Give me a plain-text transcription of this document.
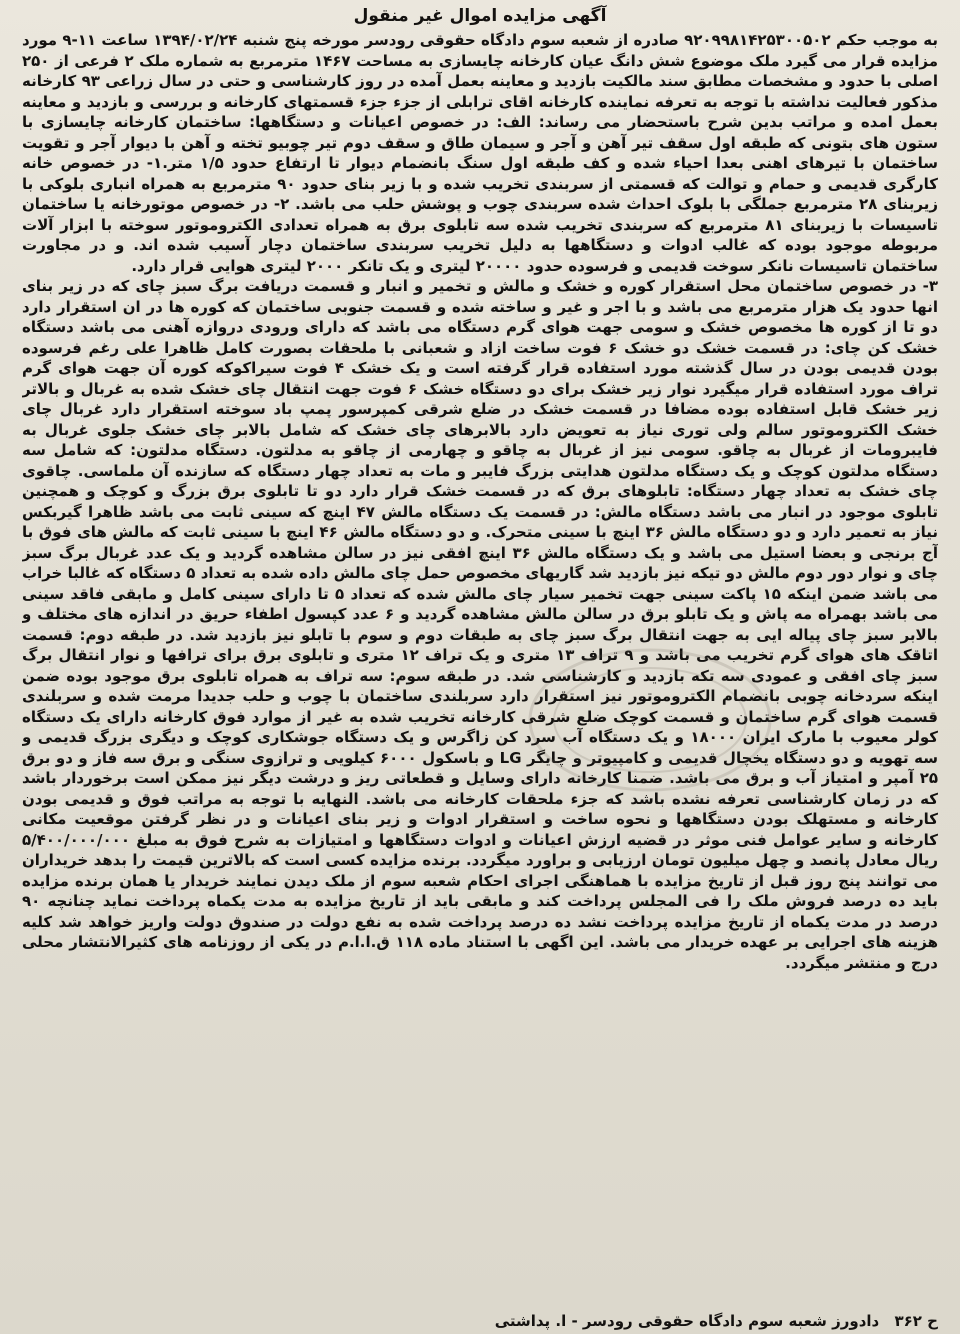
آگهی مزایده اموال غیر منقول

به موجب حکم ۹۲۰۹۹۸۱۴۲۵۳۰۰۵۰۲ صادره از شعبه سوم دادگاه حقوقی رودسر مورخه پنج شنبه ۱۳۹۴/۰۲/۲۴ ساعت ۱۱-۹ مورد مزایده قرار می گیرد ملک موضوع شش دانگ عیان کارخانه چایسازی به مساحت ۱۴۶۷ مترمربع به شماره ملک ۲ فرعی از ۲۵۰ اصلی با حدود و مشخصات مطابق سند مالکیت بازدید و معاینه بعمل آمده در روز کارشناسی و حتی در سال زراعی ۹۳ کارخانه مذکور فعالیت نداشته با توجه به تعرفه نماینده کارخانه اقای ترابلی از جزء جزء قسمتهای کارخانه و بررسی و بازدید و معاینه بعمل امده و مراتب بدین شرح باستحضار می رساند: الف: در خصوص اعیانات و دستگاهها: ساختمان کارخانه چایسازی با ستون های بتونی که طبقه اول سقف تیر آهن و آجر و سیمان طاق و سقف دوم تیر چوبیو تخته و آهن با دیوار آجر و تقویت ساختمان با تیرهای اهنی بعدا احیاء شده و کف طبقه اول سنگ بانضمام دیوار تا ارتفاع حدود ۱/۵ متر.۱- در خصوص خانه کارگری قدیمی و حمام و توالت که قسمتی از سربندی تخریب شده و با زیر بنای حدود ۹۰ مترمربع به همراه انباری بلوکی با زیربنای ۲۸ مترمربع جملگی با بلوک احداث شده سربندی چوب و پوشش حلب می باشد. ۲- در خصوص موتورخانه یا ساختمان تاسیسات با زیربنای ۸۱ مترمربع که سربندی تخریب شده سه تابلوی برق به همراه تعدادی الکتروموتور سوخته با ابزار آلات مربوطه موجود بوده که غالب ادوات و دستگاهها به دلیل تخریب سربندی ساختمان دچار آسیب شده اند. و در مجاورت ساختمان تاسیسات نانکر سوخت قدیمی و فرسوده حدود ۲۰۰۰۰ لیتری و یک تانکر ۲۰۰۰ لیتری هوایی قرار دارد.

۳- در خصوص ساختمان محل استقرار کوره و خشک و مالش و تخمیر و انبار و قسمت دریافت برگ سبز چای که در زیر بنای انها حدود یک هزار مترمربع می باشد و با اجر و غیر و ساخته شده و قسمت جنوبی ساختمان که کوره ها در ان استقرار دارد دو تا از کوره ها مخصوص خشک و سومی جهت هوای گرم دستگاه می باشد که دارای ورودی دروازه آهنی می باشد دستگاه خشک کن چای: در قسمت خشک دو خشک ۶ فوت ساخت ازاد و شعبانی با ملحقات بصورت کامل ظاهرا علی رغم فرسوده بودن قدیمی بودن در سال گذشته مورد استفاده قرار گرفته است و یک خشک ۴ فوت سیراکوکه کوره آن جهت هوای گرم تراف مورد استفاده قرار میگیرد نوار زیر خشک برای دو دستگاه خشک ۶ فوت جهت انتقال چای خشک شده به غربال و بالاتر زیر خشک قابل استفاده بوده مضافا در قسمت خشک در ضلع شرقی کمپرسور پمپ باد سوخته استقرار دارد غربال چای خشک الکتروموتور سالم ولی توری نیاز به تعویض دارد بالابرهای چای خشک که شامل بالابر چای خشک جلوی غربال به فایبرومات از غربال به چاقو. سومی نیز از غربال به چاقو و چهارمی از چاقو به مدلتون. دستگاه مدلتون: که شامل سه دستگاه مدلتون کوچک و یک دستگاه مدلتون هدایتی بزرگ فایبر و مات به تعداد چهار دستگاه که سازنده آن ملماسی. چاقوی چای خشک به تعداد چهار دستگاه: تابلوهای برق که در قسمت خشک قرار دارد دو تا تابلوی برق بزرگ و کوچک و همچنین تابلوی موجود در انبار می باشد دستگاه مالش: در قسمت یک دستگاه مالش ۴۷ اینچ که سینی ثابت می باشد ظاهرا گیربکس نیاز به تعمیر دارد و دو دستگاه مالش ۳۶ اینچ با سینی متحرک. و دو دستگاه مالش ۴۶ اینچ با سینی ثابت که مالش های فوق با آج برنجی و بعضا استیل می باشد و یک دستگاه مالش ۳۶ اینچ افقی نیز در سالن مشاهده گردید و یک عدد غربال برگ سبز چای و نوار دور دوم مالش دو تیکه نیز بازدید شد گاریهای مخصوص حمل چای مالش داده شده به تعداد ۵ دستگاه که غالبا خراب می باشد ضمن اینکه ۱۵ پاکت سینی جهت تخمیر سیار چای مالش شده که تعداد ۵ تا دارای سینی کامل و مابقی فاقد سینی می باشد بهمراه مه پاش و یک تابلو برق در سالن مالش مشاهده گردید و ۶ عدد کپسول اطفاء حریق در اندازه های مختلف و بالابر سبز چای پیاله ایی به جهت انتقال برگ سبز چای به طبقات دوم و سوم با تابلو نیز بازدید شد. در طبقه دوم: قسمت اتاقک های هوای گرم تخریب می باشد و ۹ تراف ۱۳ متری و یک تراف ۱۲ متری و تابلوی برق برای ترافها و نوار انتقال برگ سبز چای افقی و عمودی سه تکه بازدید و کارشناسی شد. در طبقه سوم: سه تراف به همراه تابلوی برق موجود بوده ضمن اینکه سردخانه چوبی بانضمام الکتروموتور نیز استقرار دارد سربلندی ساختمان با چوب و حلب جدیدا مرمت شده و سربلندی قسمت هوای گرم ساختمان و قسمت کوچک ضلع شرقی کارخانه تخریب شده به غیر از موارد فوق کارخانه دارای یک دستگاه کولر معیوب با مارک ایران ۱۸۰۰۰ و یک دستگاه آب سرد کن زاگرس و یک دستگاه جوشکاری کوچک و دیگری بزرگ قدیمی و سه تهویه و دو دستگاه یخچال قدیمی و کامپیوتر و چایگر LG و باسکول ۶۰۰۰ کیلویی و ترازوی سنگی و برق سه فاز و دو برق ۲۵ آمپر و امتیاز آب و برق می باشد. ضمنا کارخانه دارای وسایل و قطعاتی ریز و درشت دیگر نیز ممکن است برخوردار باشد که در زمان کارشناسی تعرفه نشده باشد که جزء ملحقات کارخانه می باشد. النهایه با توجه به مراتب فوق و قدیمی بودن کارخانه و مستهلک بودن دستگاهها و نحوه ساخت و استقرار ادوات و زیر بنای اعیانات و در نظر گرفتن موقعیت مکانی کارخانه و سایر عوامل فنی موثر در قضیه ارزش اعیانات و ادوات دستگاهها و امتیازات به شرح فوق به مبلغ ۵/۴۰۰/۰۰۰/۰۰۰ ریال معادل پانصد و چهل میلیون تومان ارزیابی و براورد میگردد. برنده مزایده کسی است که بالاترین قیمت را بدهد خریداران می توانند پنج روز قبل از تاریخ مزایده با هماهنگی اجرای احکام شعبه سوم از ملک دیدن نمایند خریدار یا همان برنده مزایده باید ده درصد فروش ملک را فی المجلس پرداخت کند و مابقی باید از تاریخ مزایده به مدت یکماه پرداخت نماید چنانچه ۹۰ درصد در مدت یکماه از تاریخ مزایده پرداخت نشد ده درصد پرداخت شده به نفع دولت در صندوق دولت واریز خواهد شد کلیه هزینه های اجرایی بر عهده خریدار می باشد. این اگهی با استناد ماده ۱۱۸ ق.ا.ا.م در یکی از روزنامه های کثیرالانتشار محلی درج و منتشر میگردد.

ح ۳۶۲ دادورز شعبه سوم دادگاه حقوقی رودسر - ا. پداشتی
